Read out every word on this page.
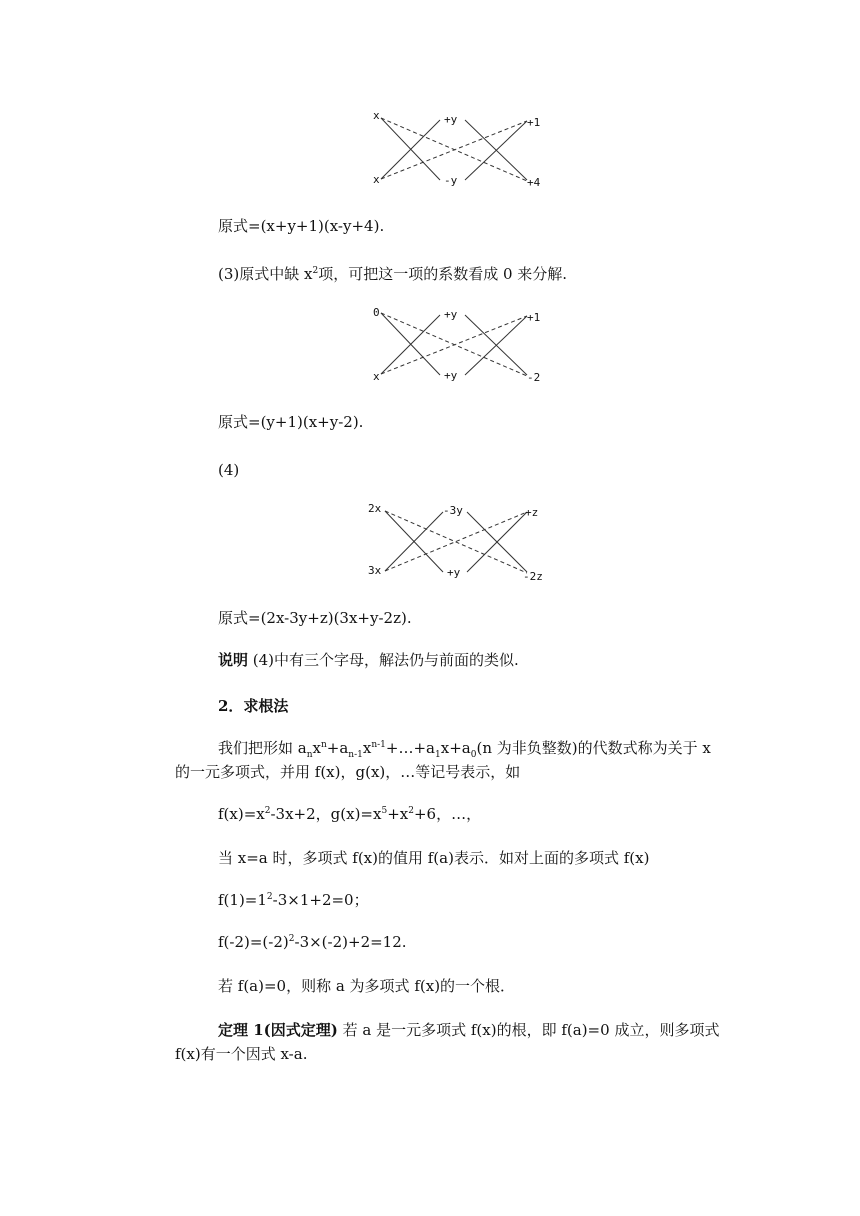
x	+y	+1
x	-y	+4

原式=(x+y+1)(x-y+4).

(3)原式中缺 $x^2$项，可把这一项的系数看成 0 来分解.

0	+y	+1
x	+y	-2

原式=(y+1)(x+y-2).

(4)

2x	-3y	+z
3x	+y	-2z

原式=(2x-3y+z)(3x+y-2z).

说明 (4)中有三个字母，解法仍与前面的类似.

2．求根法

我们把形如 $a_nx^n+a_{n-1}x^{n-1}+\dots+a_1x+a_0(n$ 为非负整数)的代数式称为关于 x 的一元多项式，并用 f(x)，g(x)，…等记号表示，如

$f(x)=x^2-3x+2$，$g(x)=x^5+x^2+6$，…，

当 x=a 时，多项式 f(x)的值用 f(a)表示．如对上面的多项式 f(x)

$f(1)=1^2-3\times 1+2=0$；

$f(-2)=(-2)^2-3\times(-2)+2=12$.

若 f(a)=0，则称 a 为多项式 f(x)的一个根．

定理 1(因式定理) 若 a 是一元多项式 f(x)的根，即 f(a)=0 成立，则多项式 f(x)有一个因式 x-a.
